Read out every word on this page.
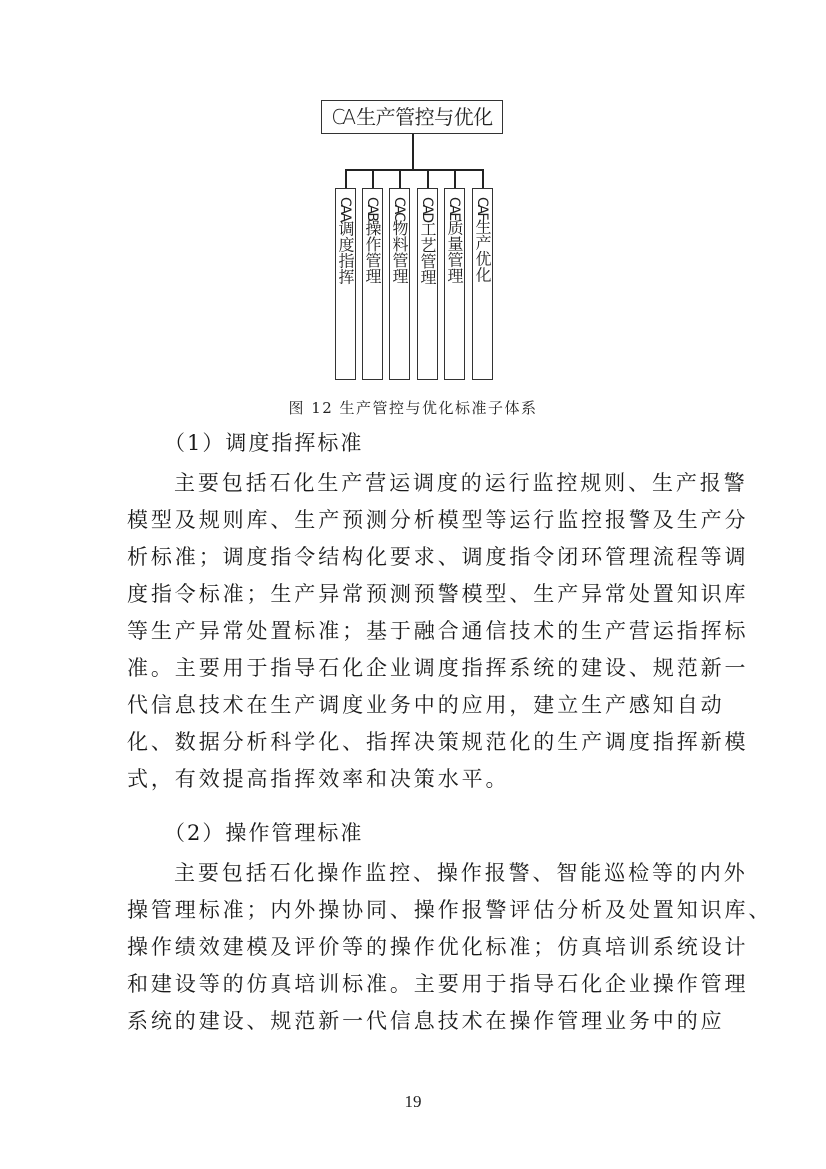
CA 生产管控与优化
CAA调度指挥
CAB操作管理
CAC物料管理
CAD工艺管理
CAE质量管理
CAF生产优化
图 12 生产管控与优化标准子体系
（1）调度指挥标准
主要包括石化生产营运调度的运行监控规则、生产报警
模型及规则库、生产预测分析模型等运行监控报警及生产分
析标准；调度指令结构化要求、调度指令闭环管理流程等调
度指令标准；生产异常预测预警模型、生产异常处置知识库
等生产异常处置标准；基于融合通信技术的生产营运指挥标
准。主要用于指导石化企业调度指挥系统的建设、规范新一
代信息技术在生产调度业务中的应用，建立生产感知自动
化、数据分析科学化、指挥决策规范化的生产调度指挥新模
式，有效提高指挥效率和决策水平。
（2）操作管理标准
主要包括石化操作监控、操作报警、智能巡检等的内外
操管理标准；内外操协同、操作报警评估分析及处置知识库、
操作绩效建模及评价等的操作优化标准；仿真培训系统设计
和建设等的仿真培训标准。主要用于指导石化企业操作管理
系统的建设、规范新一代信息技术在操作管理业务中的应
19
